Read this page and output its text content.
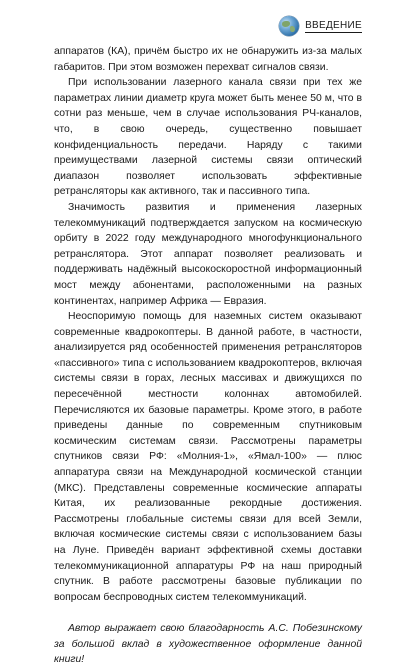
ВВЕДЕНИЕ

аппаратов (КА), причём быстро их не обнаружить из-за малых габаритов. При этом возможен перехват сигналов связи.

При использовании лазерного канала связи при тех же параметрах линии диаметр круга может быть менее 50 м, что в сотни раз меньше, чем в случае использования РЧ-каналов, что, в свою очередь, существенно повышает конфиденциальность передачи. Наряду с такими преимуществами лазерной системы связи оптический диапазон позволяет использовать эффективные ретрансляторы как активного, так и пассивного типа.

Значимость развития и применения лазерных телекоммуникаций подтверждается запуском на космическую орбиту в 2022 году международного многофункционального ретранслятора. Этот аппарат позволяет реализовать и поддерживать надёжный высокоскоростной информационный мост между абонентами, расположенными на разных континентах, например Африка — Евразия.

Неоспоримую помощь для наземных систем оказывают современные квадрокоптеры. В данной работе, в частности, анализируется ряд особенностей применения ретрансляторов «пассивного» типа с использованием квадрокоптеров, включая системы связи в горах, лесных массивах и движущихся по пересечённой местности колоннах автомобилей. Перечисляются их базовые параметры. Кроме этого, в работе приведены данные по современным спутниковым космическим системам связи. Рассмотрены параметры спутников связи РФ: «Молния-1», «Ямал-100» — плюс аппаратура связи на Международной космической станции (МКС). Представлены современные космические аппараты Китая, их реализованные рекордные достижения. Рассмотрены глобальные системы связи для всей Земли, включая космические системы связи с использованием базы на Луне. Приведён вариант эффективной схемы доставки телекоммуникационной аппаратуры РФ на наш природный спутник. В работе рассмотрены базовые публикации по вопросам беспроводных систем телекоммуникаций.

Автор выражает свою благодарность А.С. Побезинскому за большой вклад в художественное оформление данной книги!
